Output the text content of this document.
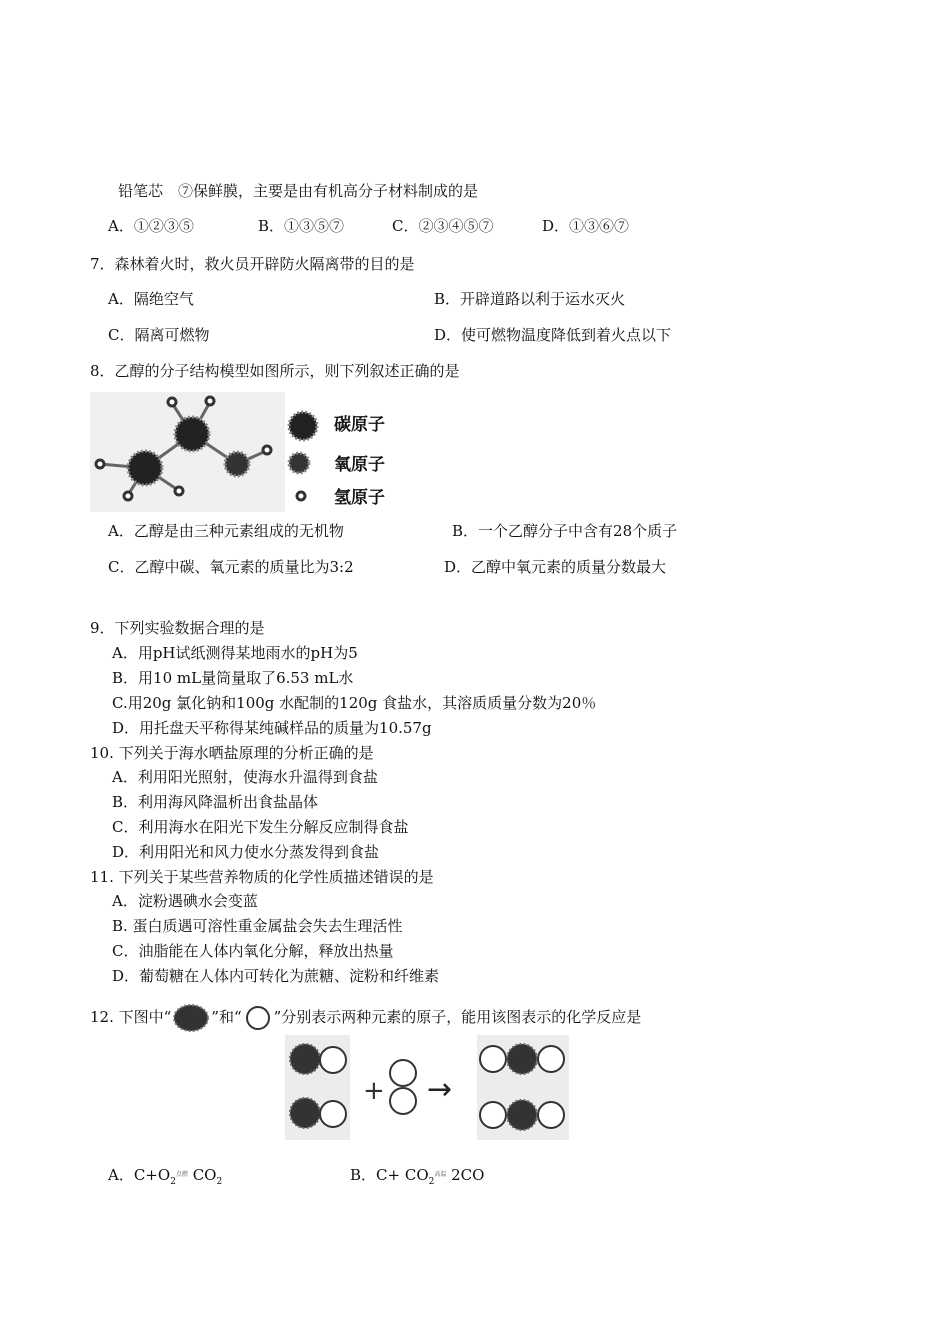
铅笔芯　⑦保鲜膜，主要是由有机高分子材料制成的是
A．①②③⑤	B．①③⑤⑦	C．②③④⑤⑦	D．①③⑥⑦
7．森林着火时，救火员开辟防火隔离带的目的是
A．隔绝空气	B．开辟道路以利于运水灭火
C．隔离可燃物	D．使可燃物温度降低到着火点以下
8．乙醇的分子结构模型如图所示，则下列叙述正确的是
碳原子
氧原子
氢原子
A．乙醇是由三种元素组成的无机物	B．一个乙醇分子中含有28个质子
C．乙醇中碳、氧元素的质量比为3:2	D．乙醇中氧元素的质量分数最大
9．下列实验数据合理的是
A．用pH试纸测得某地雨水的pH为5
B．用10 mL量筒量取了6.53 mL水
C.用20g 氯化钠和100g 水配制的120g 食盐水，其溶质质量分数为20％
D．用托盘天平称得某纯碱样品的质量为10.57g
10. 下列关于海水晒盐原理的分析正确的是
A．利用阳光照射，使海水升温得到食盐
B．利用海风降温析出食盐晶体
C．利用海水在阳光下发生分解反应制得食盐
D．利用阳光和风力使水分蒸发得到食盐
11. 下列关于某些营养物质的化学性质描述错误的是
A．淀粉遇碘水会变蓝
B. 蛋白质遇可溶性重金属盐会失去生理活性
C．油脂能在人体内氧化分解，释放出热量
D．葡萄糖在人体内可转化为蔗糖、淀粉和纤维素
12. 下图中“	”和“ ”分别表示两种元素的原子，能用该图表示的化学反应是
+ →
A．$C+O_2^{点燃}$ $CO_2$	B．$C+ CO_2^{高温}$ 2CO
